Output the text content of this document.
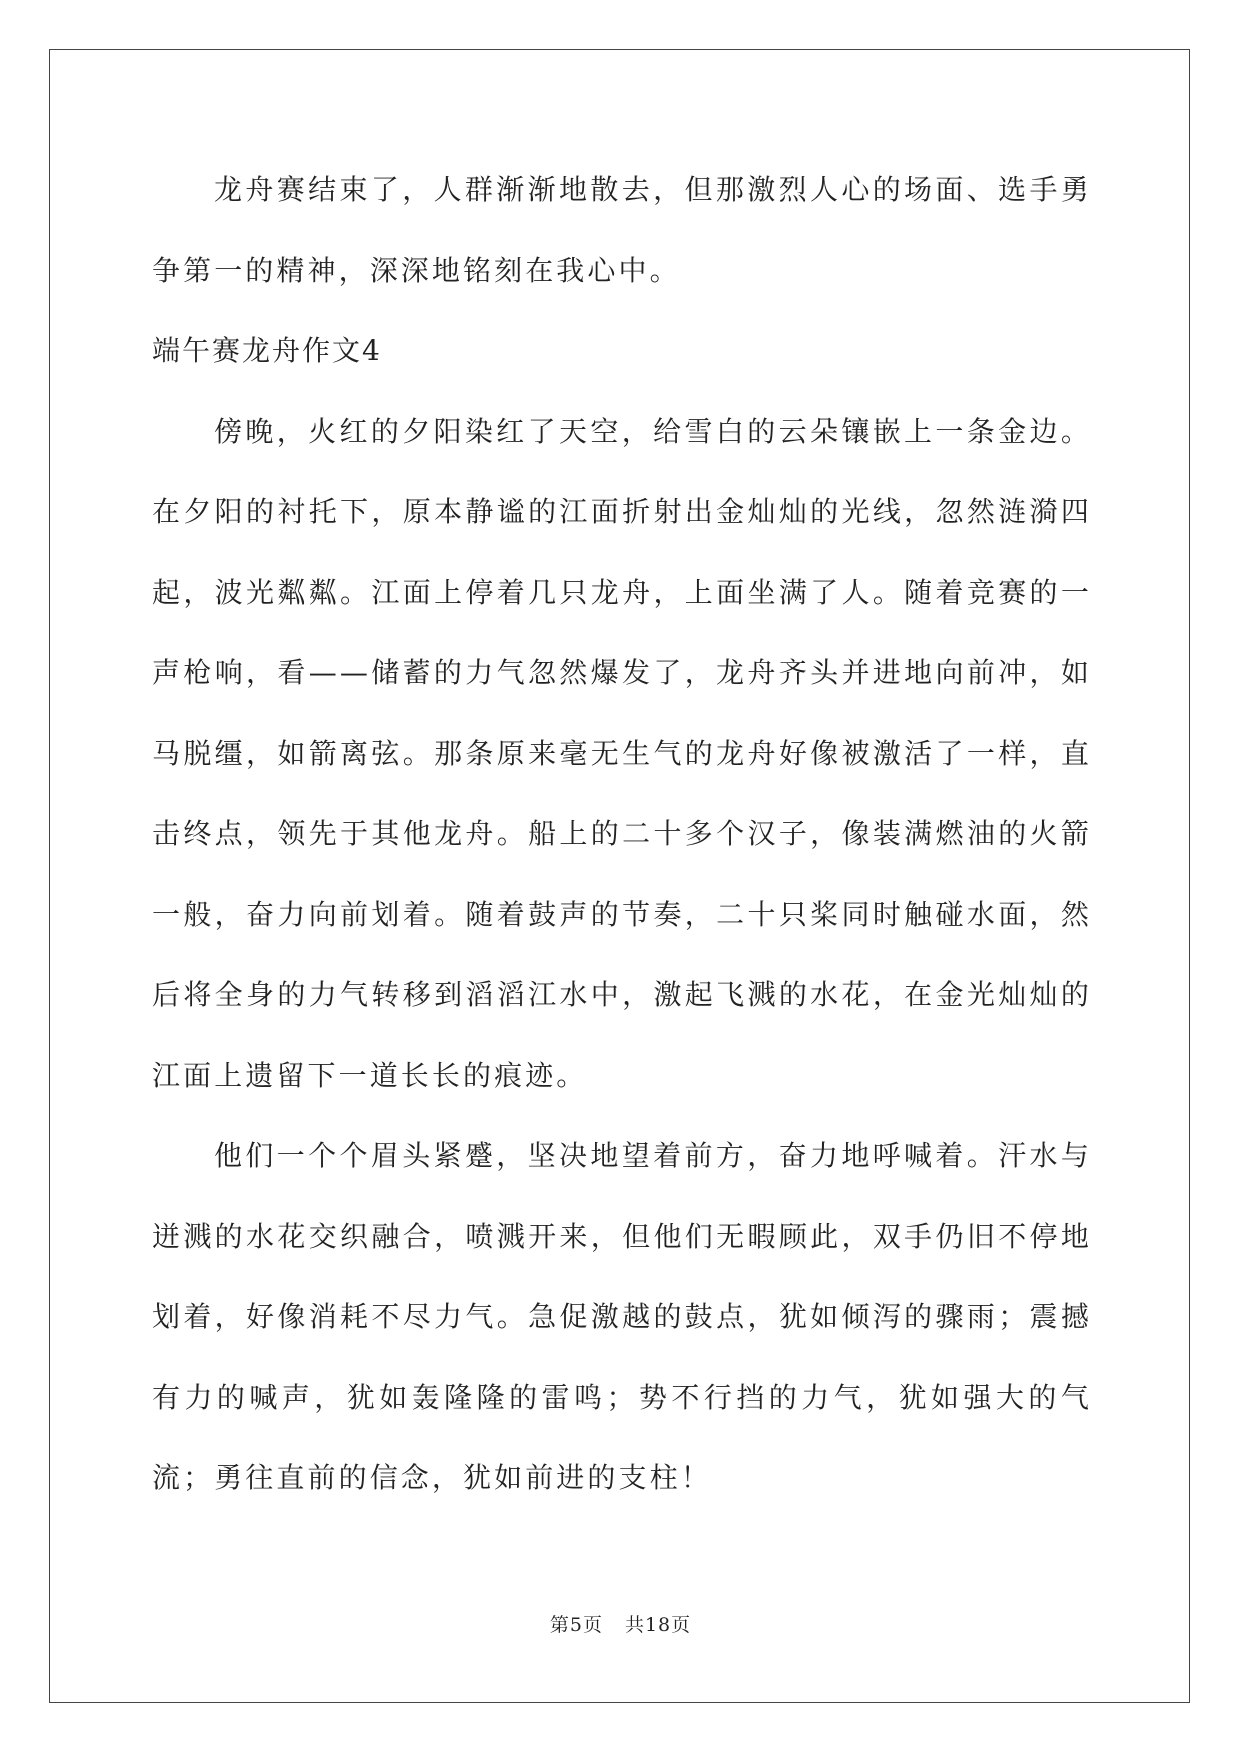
龙舟赛结束了，人群渐渐地散去，但那激烈人心的场面、选手勇争第一的精神，深深地铭刻在我心中。

端午赛龙舟作文4

傍晚，火红的夕阳染红了天空，给雪白的云朵镶嵌上一条金边。在夕阳的衬托下，原本静谧的江面折射出金灿灿的光线，忽然涟漪四起，波光粼粼。江面上停着几只龙舟，上面坐满了人。随着竞赛的一声枪响，看——储蓄的力气忽然爆发了，龙舟齐头并进地向前冲，如马脱缰，如箭离弦。那条原来毫无生气的龙舟好像被激活了一样，直击终点，领先于其他龙舟。船上的二十多个汉子，像装满燃油的火箭一般，奋力向前划着。随着鼓声的节奏，二十只桨同时触碰水面，然后将全身的力气转移到滔滔江水中，激起飞溅的水花，在金光灿灿的江面上遗留下一道长长的痕迹。

他们一个个眉头紧蹙，坚决地望着前方，奋力地呼喊着。汗水与迸溅的水花交织融合，喷溅开来，但他们无暇顾此，双手仍旧不停地划着，好像消耗不尽力气。急促激越的鼓点，犹如倾泻的骤雨；震撼有力的喊声，犹如轰隆隆的雷鸣；势不行挡的力气，犹如强大的气流；勇往直前的信念，犹如前进的支柱！

第5页 共18页
